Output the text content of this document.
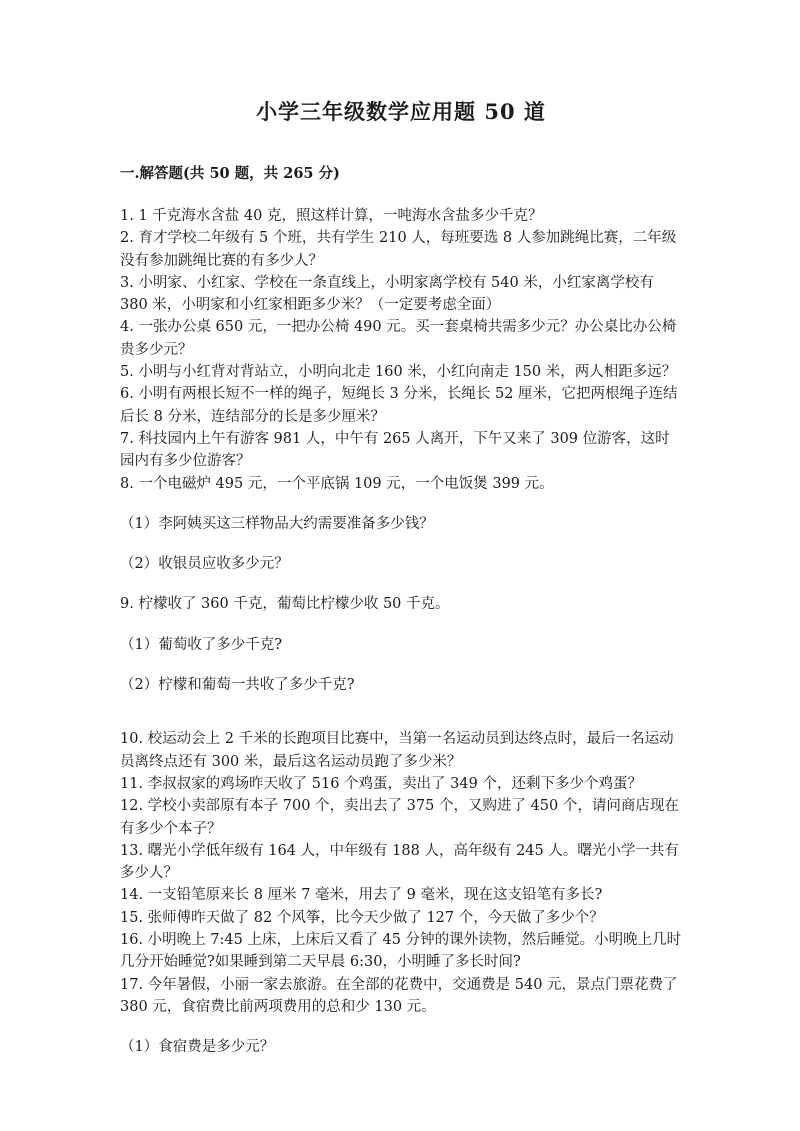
小学三年级数学应用题 50 道
一.解答题(共 50 题，共 265 分)

1. 1 千克海水含盐 40 克，照这样计算，一吨海水含盐多少千克？

2. 育才学校二年级有 5 个班，共有学生 210 人，每班要选 8 人参加跳绳比赛，二年级没有参加跳绳比赛的有多少人？

3. 小明家、小红家、学校在一条直线上，小明家离学校有 540 米，小红家离学校有 380 米，小明家和小红家相距多少米？（一定要考虑全面）

4. 一张办公桌 650 元，一把办公椅 490 元。买一套桌椅共需多少元？办公桌比办公椅贵多少元？

5. 小明与小红背对背站立，小明向北走 160 米，小红向南走 150 米，两人相距多远？

6. 小明有两根长短不一样的绳子，短绳长 3 分米，长绳长 52 厘米，它把两根绳子连结后长 8 分米，连结部分的长是多少厘米？

7. 科技园内上午有游客 981 人，中午有 265 人离开，下午又来了 309 位游客，这时园内有多少位游客？

8. 一个电磁炉 495 元，一个平底锅 109 元，一个电饭煲 399 元。

（1）李阿姨买这三样物品大约需要准备多少钱？

（2）收银员应收多少元？

9. 柠檬收了 360 千克，葡萄比柠檬少收 50 千克。

（1）葡萄收了多少千克?

（2）柠檬和葡萄一共收了多少千克?

10. 校运动会上 2 千米的长跑项目比赛中，当第一名运动员到达终点时，最后一名运动员离终点还有 300 米，最后这名运动员跑了多少米？

11. 李叔叔家的鸡场昨天收了 516 个鸡蛋，卖出了 349 个，还剩下多少个鸡蛋？

12. 学校小卖部原有本子 700 个，卖出去了 375 个，又购进了 450 个，请问商店现在有多少个本子？

13. 曙光小学低年级有 164 人，中年级有 188 人，高年级有 245 人。曙光小学一共有多少人？

14. 一支铅笔原来长 8 厘米 7 毫米，用去了 9 毫米，现在这支铅笔有多长?

15. 张师傅昨天做了 82 个风筝，比今天少做了 127 个，今天做了多少个？

16. 小明晚上 7:45 上床，上床后又看了 45 分钟的课外读物，然后睡觉。小明晚上几时几分开始睡觉?如果睡到第二天早晨 6:30，小明睡了多长时间?

17. 今年暑假，小丽一家去旅游。在全部的花费中，交通费是 540 元，景点门票花费了 380 元，食宿费比前两项费用的总和少 130 元。

（1）食宿费是多少元？
